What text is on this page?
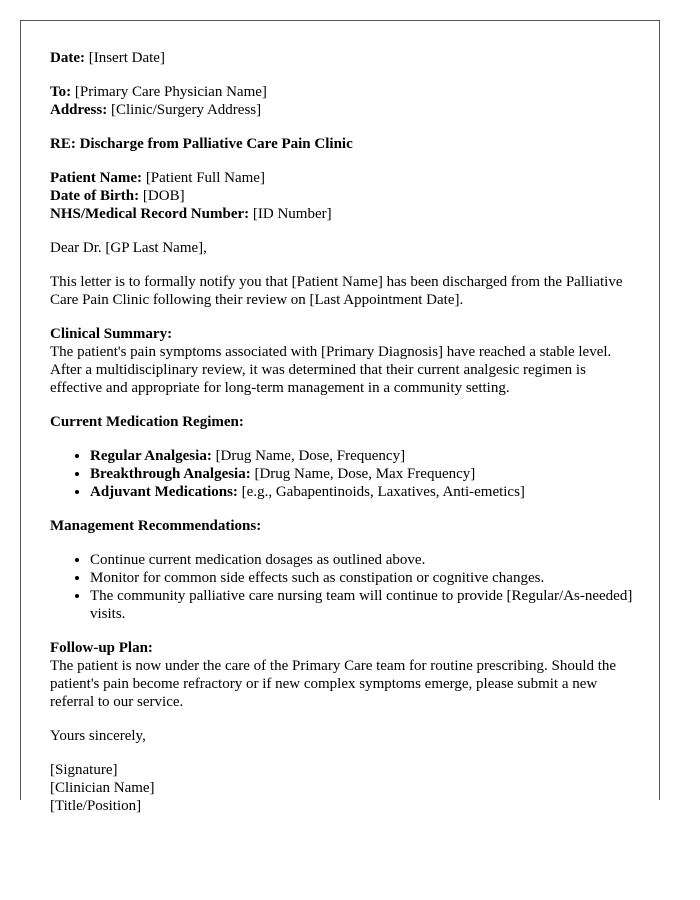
Date: [Insert Date]

To: [Primary Care Physician Name]
Address: [Clinic/Surgery Address]

RE: Discharge from Palliative Care Pain Clinic

Patient Name: [Patient Full Name]
Date of Birth: [DOB]
NHS/Medical Record Number: [ID Number]

Dear Dr. [GP Last Name],

This letter is to formally notify you that [Patient Name] has been discharged from the Palliative Care Pain Clinic following their review on [Last Appointment Date].

Clinical Summary:
The patient's pain symptoms associated with [Primary Diagnosis] have reached a stable level. After a multidisciplinary review, it was determined that their current analgesic regimen is effective and appropriate for long-term management in a community setting.

Current Medication Regimen:

• Regular Analgesia: [Drug Name, Dose, Frequency]
• Breakthrough Analgesia: [Drug Name, Dose, Max Frequency]
• Adjuvant Medications: [e.g., Gabapentinoids, Laxatives, Anti-emetics]

Management Recommendations:

• Continue current medication dosages as outlined above.
• Monitor for common side effects such as constipation or cognitive changes.
• The community palliative care nursing team will continue to provide [Regular/As-needed] visits.

Follow-up Plan:
The patient is now under the care of the Primary Care team for routine prescribing. Should the patient's pain become refractory or if new complex symptoms emerge, please submit a new referral to our service.

Yours sincerely,

[Signature]
[Clinician Name]
[Title/Position]
